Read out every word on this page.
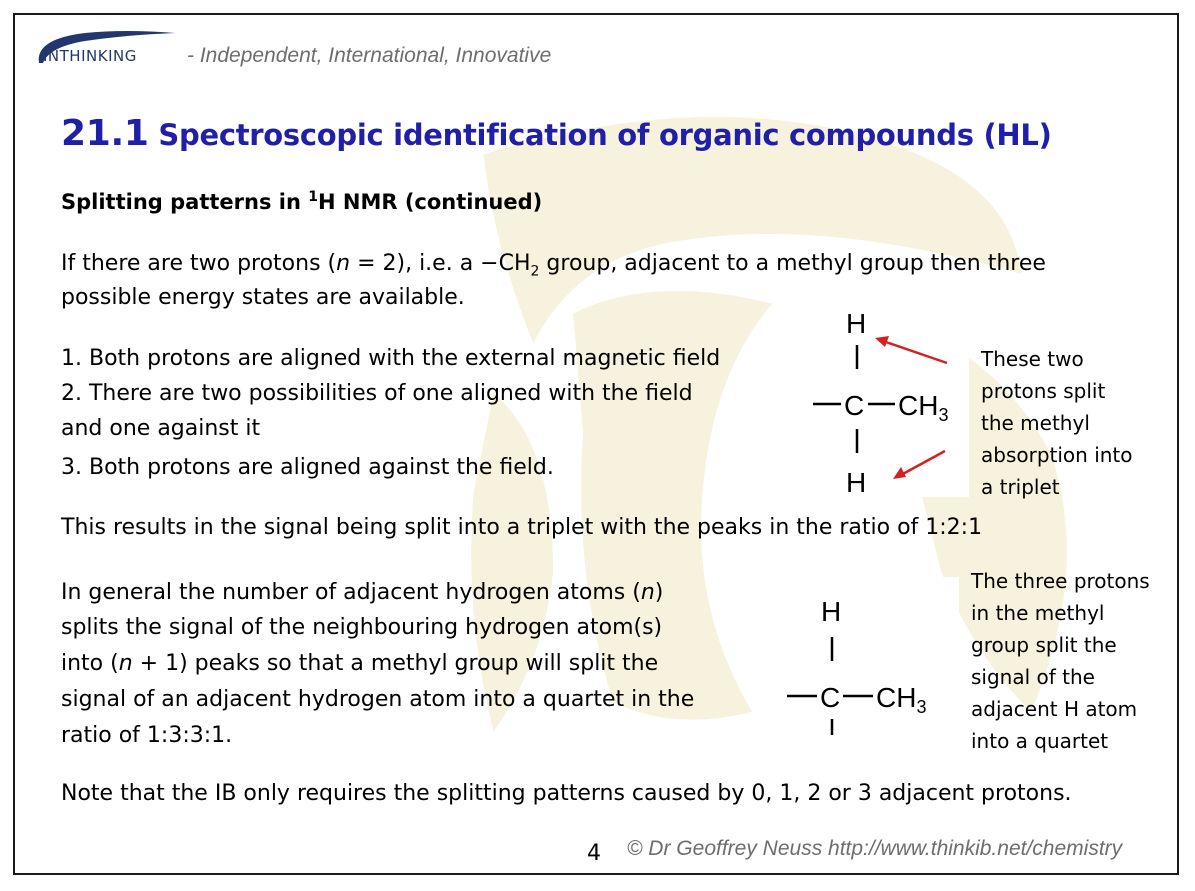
INTHINKING - Independent, International, Innovative
21.1 Spectroscopic identification of organic compounds (HL)
Splitting patterns in $^1$H NMR (continued)
If there are two protons (n = 2), i.e. $a -CH_2$ group, adjacent to a methyl group then three
possible energy states are available.
1. Both protons are aligned with the external magnetic field
2. There are two possibilities of one aligned with the field
and one against it
3. Both protons are aligned against the field.
H
C $CH_3$
H
These two
protons split
the methyl
absorption into
a triplet
This results in the signal being split into a triplet with the peaks in the ratio of 1:2:1
In general the number of adjacent hydrogen atoms (n)
splits the signal of the neighbouring hydrogen atom(s)
into (n + 1) peaks so that a methyl group will split the
signal of an adjacent hydrogen atom into a quartet in the
ratio of 1:3:3:1.
H
C $CH_3$
The three protons
in the methyl
group split the
signal of the
adjacent H atom
into a quartet
Note that the IB only requires the splitting patterns caused by 0, 1, 2 or 3 adjacent protons.
4 © Dr Geoffrey Neuss http://www.thinkib.net/chemistry
